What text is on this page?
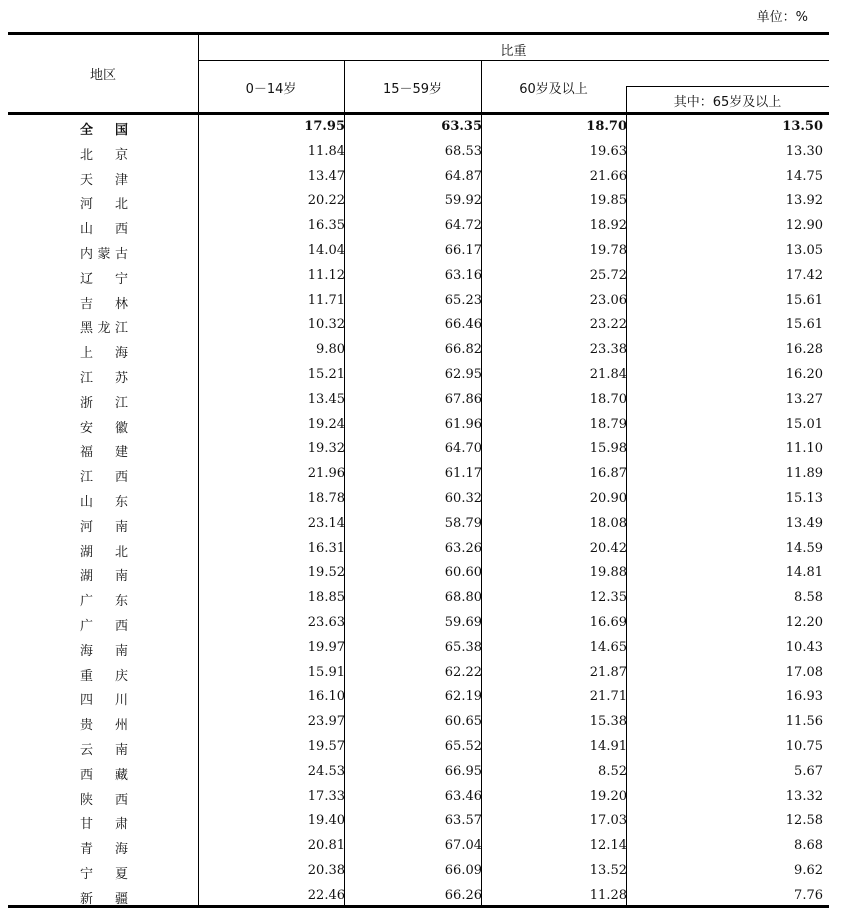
单位：%
地区
比重
0－14岁	15－59岁	60岁及以上
其中：65岁及以上
全国	17.95	63.35	18.70	13.50
北京	11.84	68.53	19.63	13.30
天津	13.47	64.87	21.66	14.75
河北	20.22	59.92	19.85	13.92
山西	16.35	64.72	18.92	12.90
内蒙古	14.04	66.17	19.78	13.05
辽宁	11.12	63.16	25.72	17.42
吉林	11.71	65.23	23.06	15.61
黑龙江	10.32	66.46	23.22	15.61
上海	9.80	66.82	23.38	16.28
江苏	15.21	62.95	21.84	16.20
浙江	13.45	67.86	18.70	13.27
安徽	19.24	61.96	18.79	15.01
福建	19.32	64.70	15.98	11.10
江西	21.96	61.17	16.87	11.89
山东	18.78	60.32	20.90	15.13
河南	23.14	58.79	18.08	13.49
湖北	16.31	63.26	20.42	14.59
湖南	19.52	60.60	19.88	14.81
广东	18.85	68.80	12.35	8.58
广西	23.63	59.69	16.69	12.20
海南	19.97	65.38	14.65	10.43
重庆	15.91	62.22	21.87	17.08
四川	16.10	62.19	21.71	16.93
贵州	23.97	60.65	15.38	11.56
云南	19.57	65.52	14.91	10.75
西藏	24.53	66.95	8.52	5.67
陕西	17.33	63.46	19.20	13.32
甘肃	19.40	63.57	17.03	12.58
青海	20.81	67.04	12.14	8.68
宁夏	20.38	66.09	13.52	9.62
新疆	22.46	66.26	11.28	7.76
